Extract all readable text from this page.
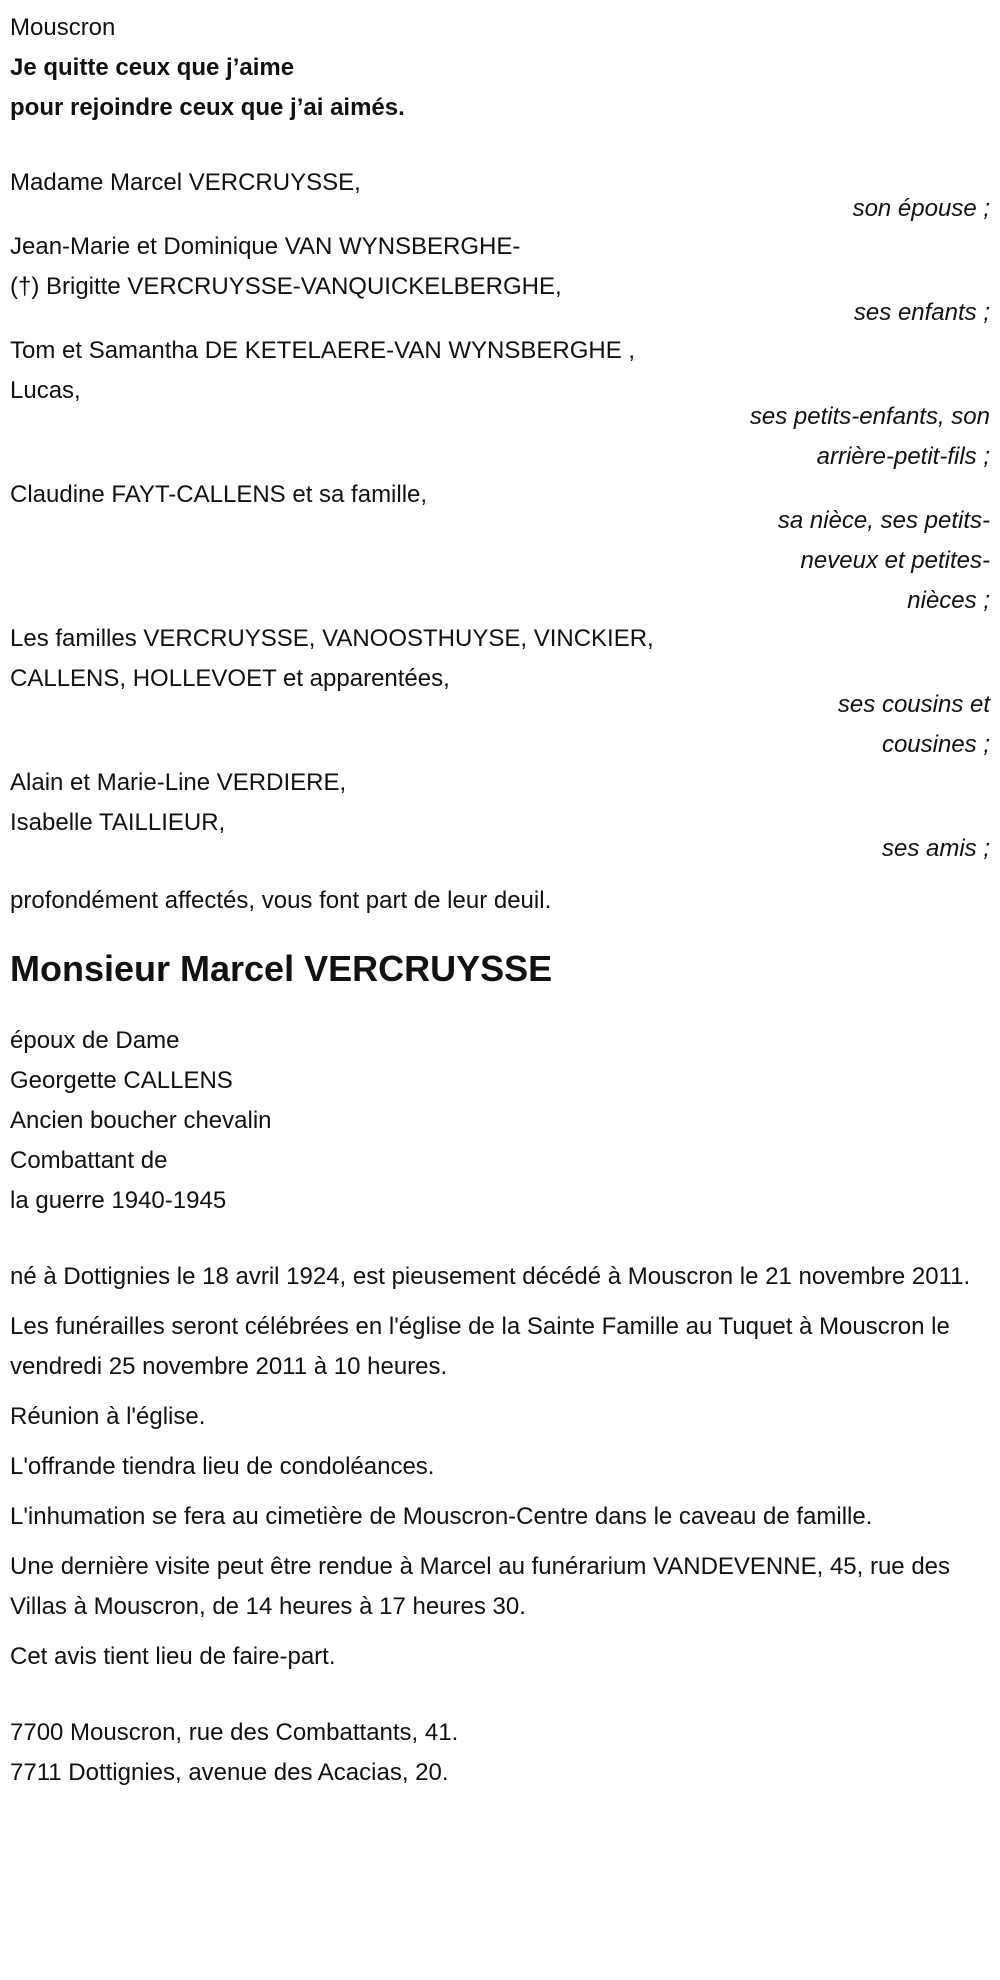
Mouscron
Je quitte ceux que j’aime
pour rejoindre ceux que j’ai aimés.
Madame Marcel VERCRUYSSE,
son épouse ;
Jean-Marie et Dominique VAN WYNSBERGHE-
(†) Brigitte VERCRUYSSE-VANQUICKELBERGHE,
ses enfants ;
Tom et Samantha DE KETELAERE-VAN WYNSBERGHE ,
Lucas,
ses petits-enfants, son arrière-petit-fils ;
Claudine FAYT-CALLENS et sa famille,
sa nièce, ses petits-neveux et petites-nièces ;
Les familles VERCRUYSSE, VANOOSTHUYSE, VINCKIER,
CALLENS, HOLLEVOET et apparentées,
ses cousins et cousines ;
Alain et Marie-Line VERDIERE,
Isabelle TAILLIEUR,
ses amis ;
profondément affectés, vous font part de leur deuil.
Monsieur Marcel VERCRUYSSE
époux de Dame
Georgette CALLENS
Ancien boucher chevalin
Combattant de
la guerre 1940-1945
né à Dottignies le 18 avril 1924, est pieusement décédé à Mouscron le 21 novembre 2011.
Les funérailles seront célébrées en l'église de la Sainte Famille au Tuquet à Mouscron le vendredi 25 novembre 2011 à 10 heures.
Réunion à l'église.
L'offrande tiendra lieu de condoléances.
L'inhumation se fera au cimetière de Mouscron-Centre dans le caveau de famille.
Une dernière visite peut être rendue à Marcel au funérarium VANDEVENNE, 45, rue des Villas à Mouscron, de 14 heures à 17 heures 30.
Cet avis tient lieu de faire-part.
7700 Mouscron, rue des Combattants, 41.
7711 Dottignies, avenue des Acacias, 20.
